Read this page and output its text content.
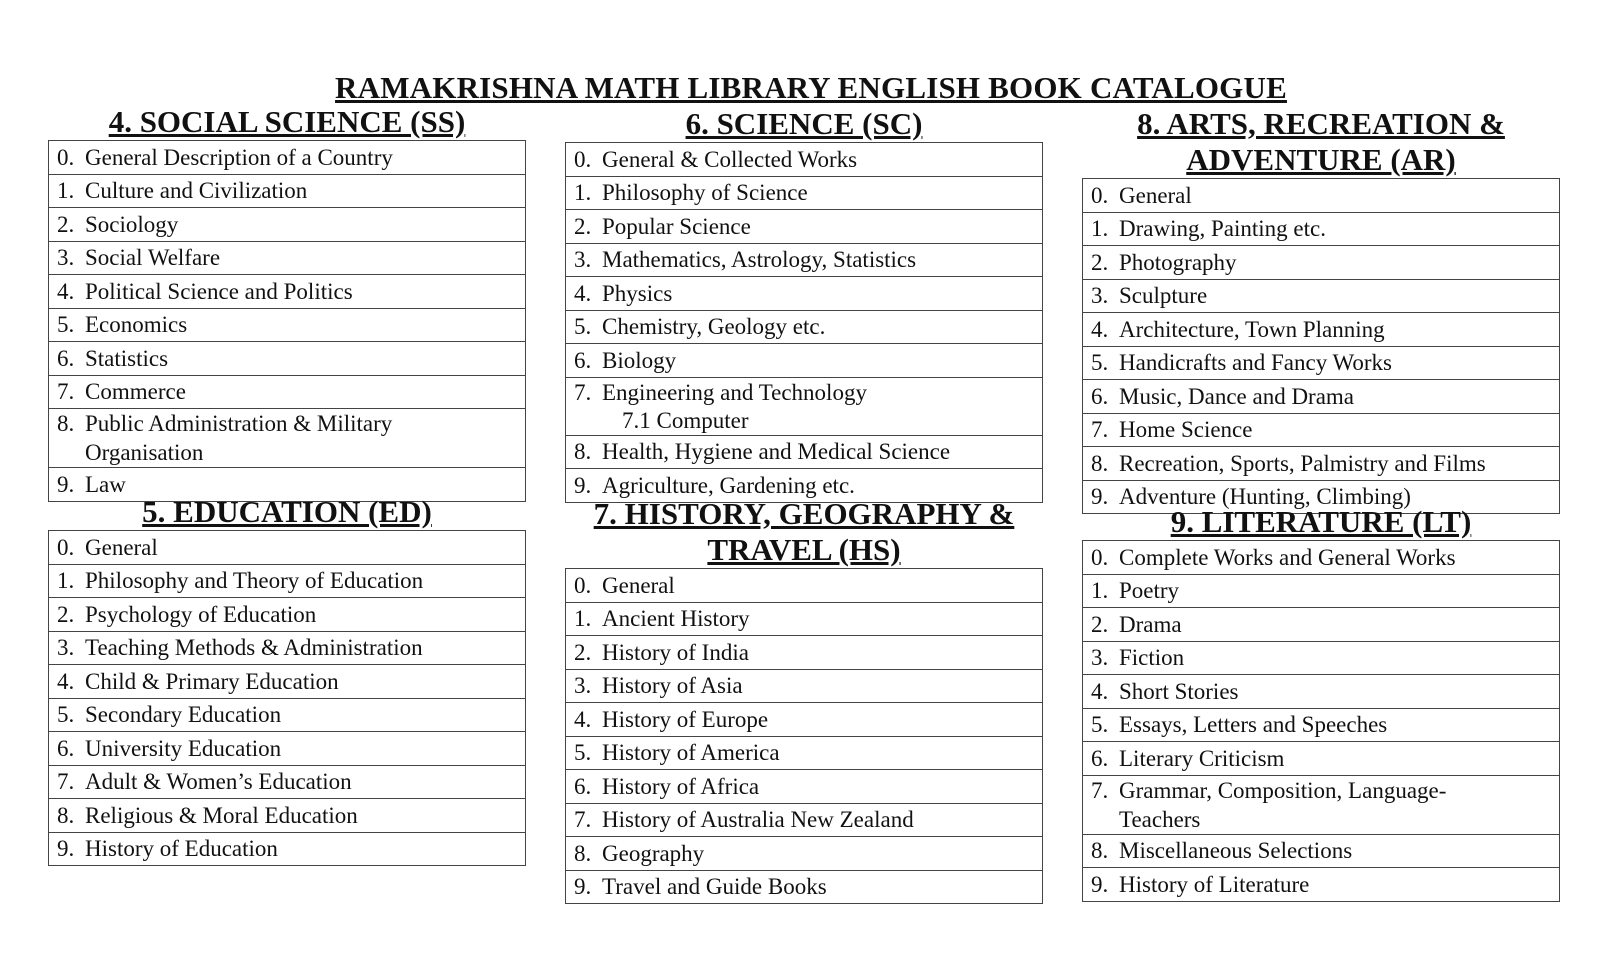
RAMAKRISHNA MATH LIBRARY ENGLISH BOOK CATALOGUE
4. SOCIAL SCIENCE (SS)
0. General Description of a Country

1. Culture and Civilization

2. Sociology

3. Social Welfare

4. Political Science and Politics

5. Economics

6. Statistics

7. Commerce

8. Public Administration & Military
Organisation

9. Law
5. EDUCATION (ED)
0. General

1. Philosophy and Theory of Education

2. Psychology of Education

3. Teaching Methods & Administration

4. Child & Primary Education

5. Secondary Education

6. University Education

7. Adult & Women’s Education

8. Religious & Moral Education

9. History of Education
6. SCIENCE (SC)
0. General & Collected Works

1. Philosophy of Science

2. Popular Science

3. Mathematics, Astrology, Statistics

4. Physics

5. Chemistry, Geology etc.

6. Biology

7. Engineering and Technology
7.1 Computer

8. Health, Hygiene and Medical Science

9. Agriculture, Gardening etc.
7. HISTORY, GEOGRAPHY &
TRAVEL (HS)
0. General

1. Ancient History

2. History of India

3. History of Asia

4. History of Europe

5. History of America

6. History of Africa

7. History of Australia New Zealand

8. Geography

9. Travel and Guide Books
8. ARTS, RECREATION &
ADVENTURE (AR)
0. General

1. Drawing, Painting etc.

2. Photography

3. Sculpture

4. Architecture, Town Planning

5. Handicrafts and Fancy Works

6. Music, Dance and Drama

7. Home Science

8. Recreation, Sports, Palmistry and Films

9. Adventure (Hunting, Climbing)
9. LITERATURE (LT)
0. Complete Works and General Works

1. Poetry

2. Drama

3. Fiction

4. Short Stories

5. Essays, Letters and Speeches

6. Literary Criticism

7. Grammar, Composition, Language-
Teachers

8. Miscellaneous Selections

9. History of Literature
